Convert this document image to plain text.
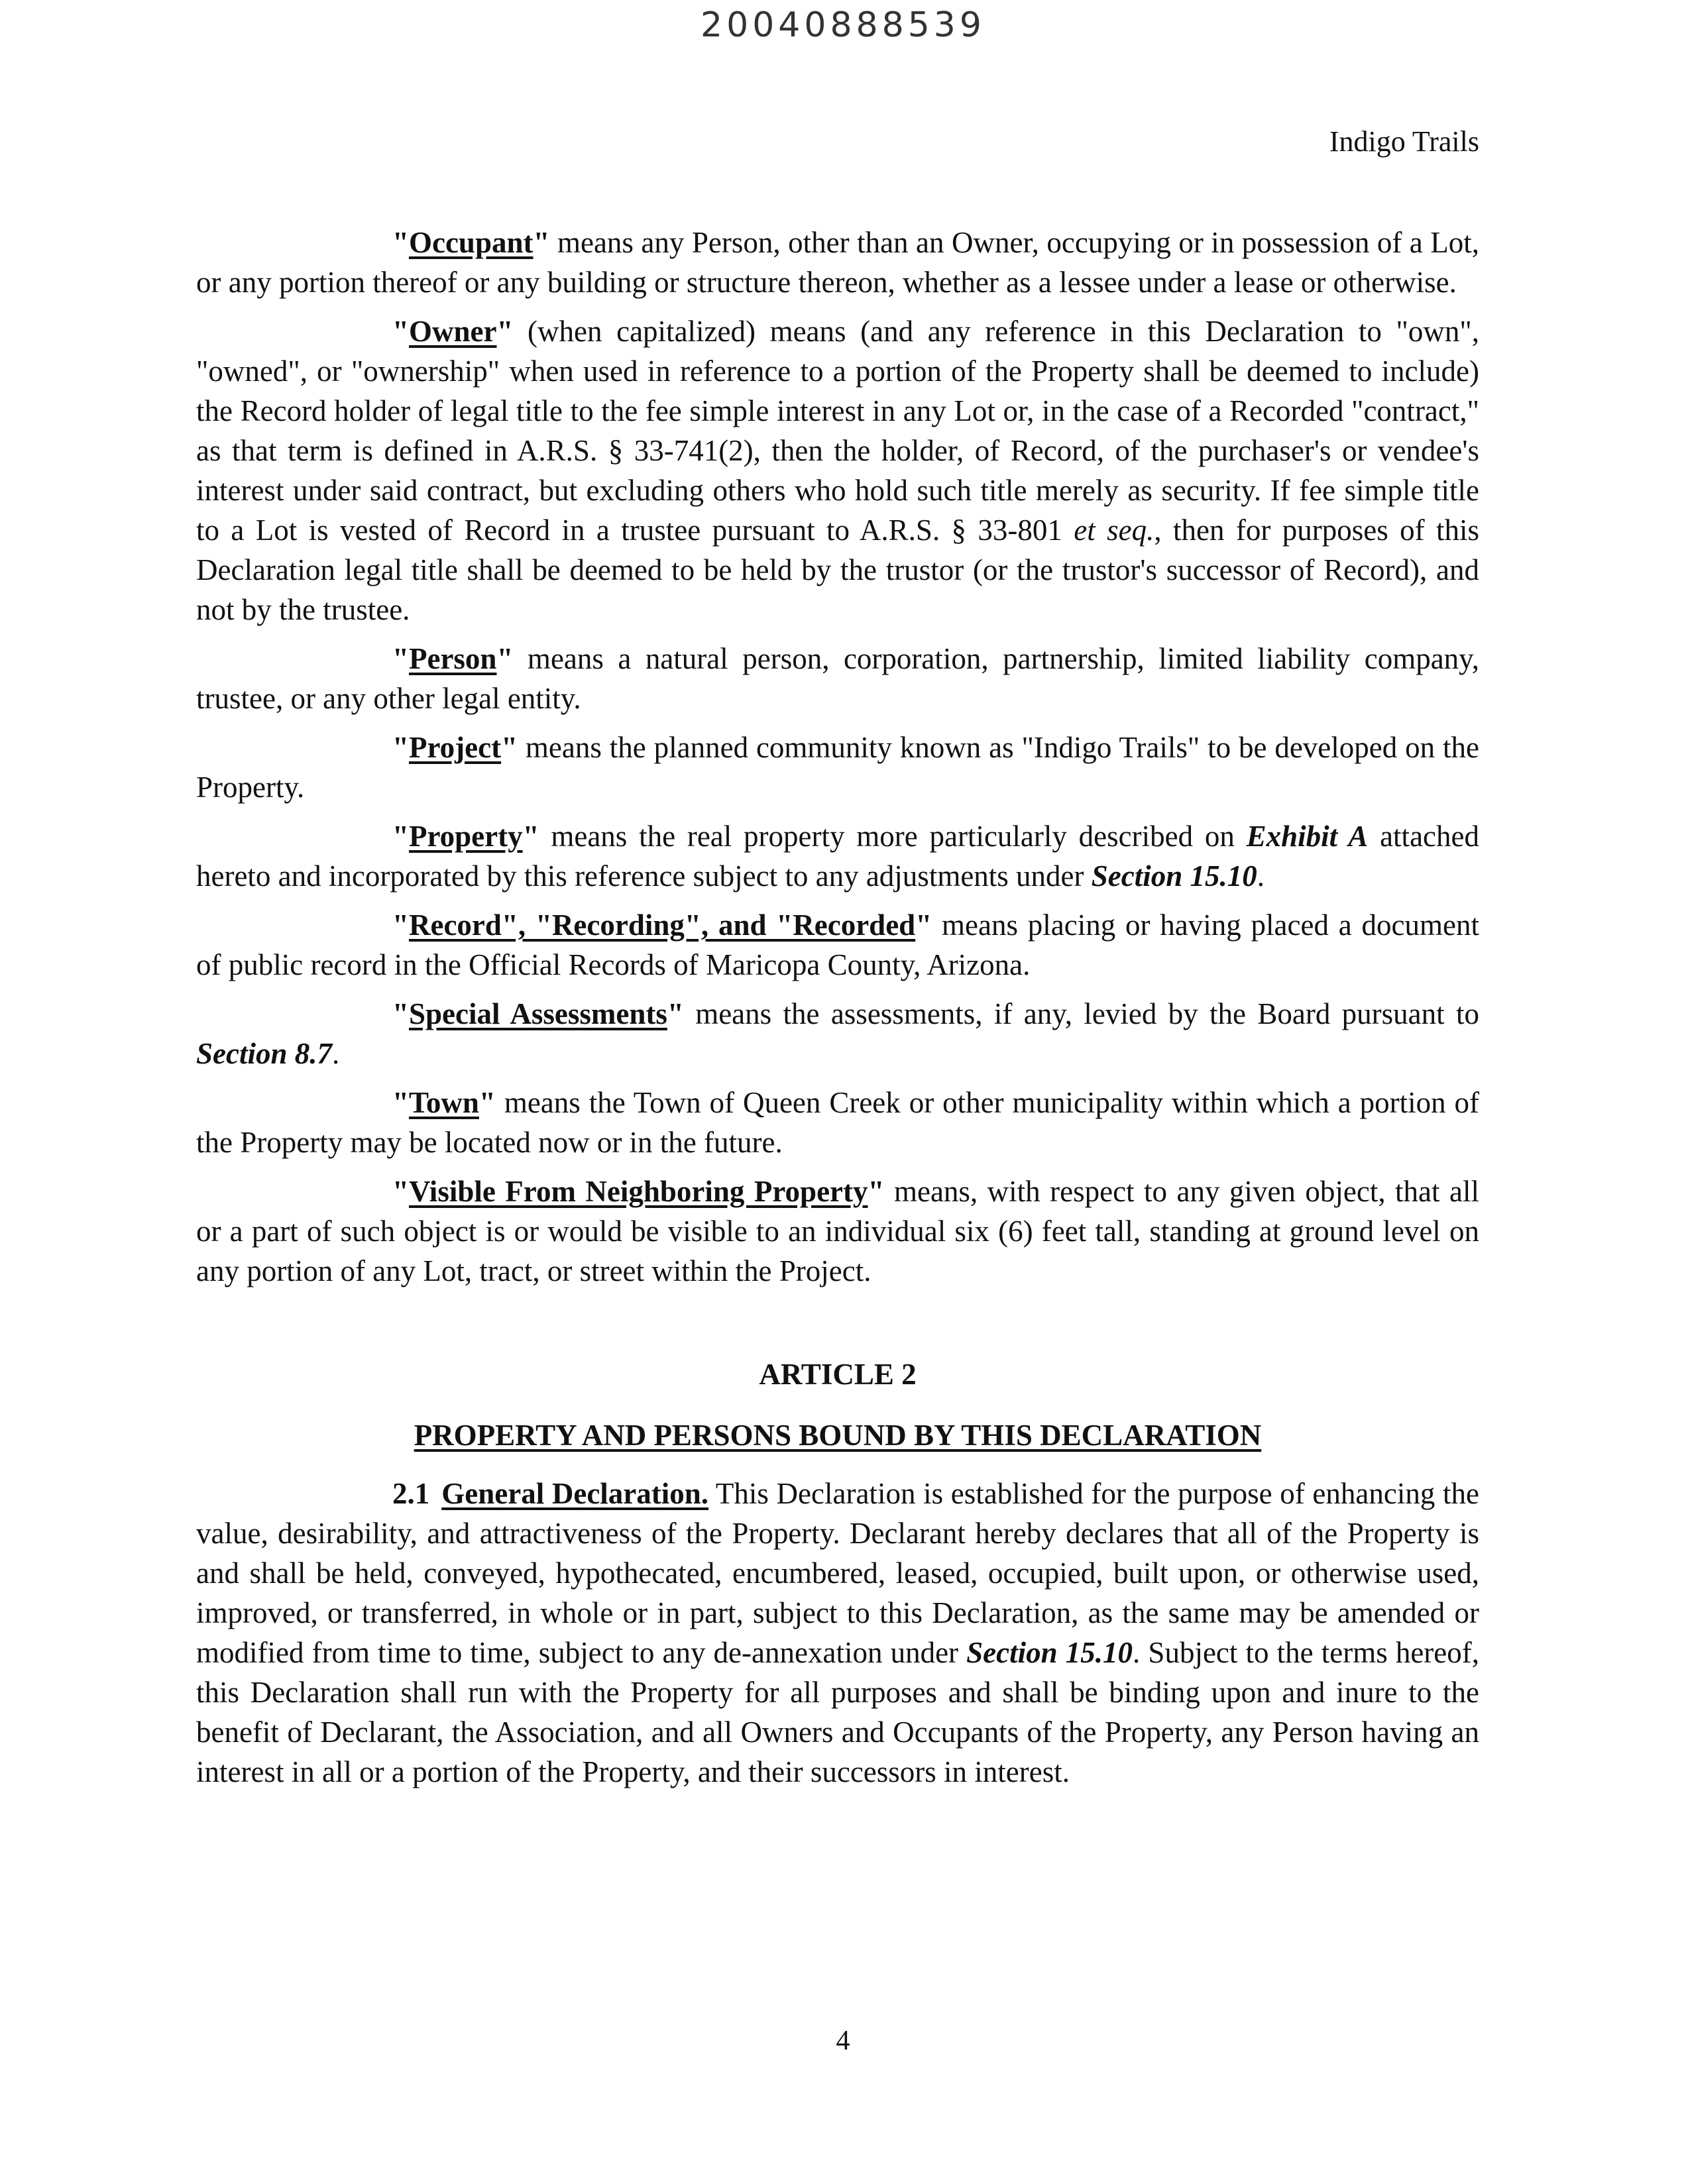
20040888539
Indigo Trails

"Occupant" means any Person, other than an Owner, occupying or in possession of a Lot, or any portion thereof or any building or structure thereon, whether as a lessee under a lease or otherwise.

"Owner" (when capitalized) means (and any reference in this Declaration to "own", "owned", or "ownership" when used in reference to a portion of the Property shall be deemed to include) the Record holder of legal title to the fee simple interest in any Lot or, in the case of a Recorded "contract," as that term is defined in A.R.S. § 33-741(2), then the holder, of Record, of the purchaser's or vendee's interest under said contract, but excluding others who hold such title merely as security. If fee simple title to a Lot is vested of Record in a trustee pursuant to A.R.S. § 33-801 et seq., then for purposes of this Declaration legal title shall be deemed to be held by the trustor (or the trustor's successor of Record), and not by the trustee.

"Person" means a natural person, corporation, partnership, limited liability company, trustee, or any other legal entity.

"Project" means the planned community known as "Indigo Trails" to be developed on the Property.

"Property" means the real property more particularly described on Exhibit A attached hereto and incorporated by this reference subject to any adjustments under Section 15.10.

"Record", "Recording", and "Recorded" means placing or having placed a document of public record in the Official Records of Maricopa County, Arizona.

"Special Assessments" means the assessments, if any, levied by the Board pursuant to Section 8.7.

"Town" means the Town of Queen Creek or other municipality within which a portion of the Property may be located now or in the future.

"Visible From Neighboring Property" means, with respect to any given object, that all or a part of such object is or would be visible to an individual six (6) feet tall, standing at ground level on any portion of any Lot, tract, or street within the Project.

ARTICLE 2
PROPERTY AND PERSONS BOUND BY THIS DECLARATION

2.1 General Declaration. This Declaration is established for the purpose of enhancing the value, desirability, and attractiveness of the Property. Declarant hereby declares that all of the Property is and shall be held, conveyed, hypothecated, encumbered, leased, occupied, built upon, or otherwise used, improved, or transferred, in whole or in part, subject to this Declaration, as the same may be amended or modified from time to time, subject to any de-annexation under Section 15.10. Subject to the terms hereof, this Declaration shall run with the Property for all purposes and shall be binding upon and inure to the benefit of Declarant, the Association, and all Owners and Occupants of the Property, any Person having an interest in all or a portion of the Property, and their successors in interest.

4
